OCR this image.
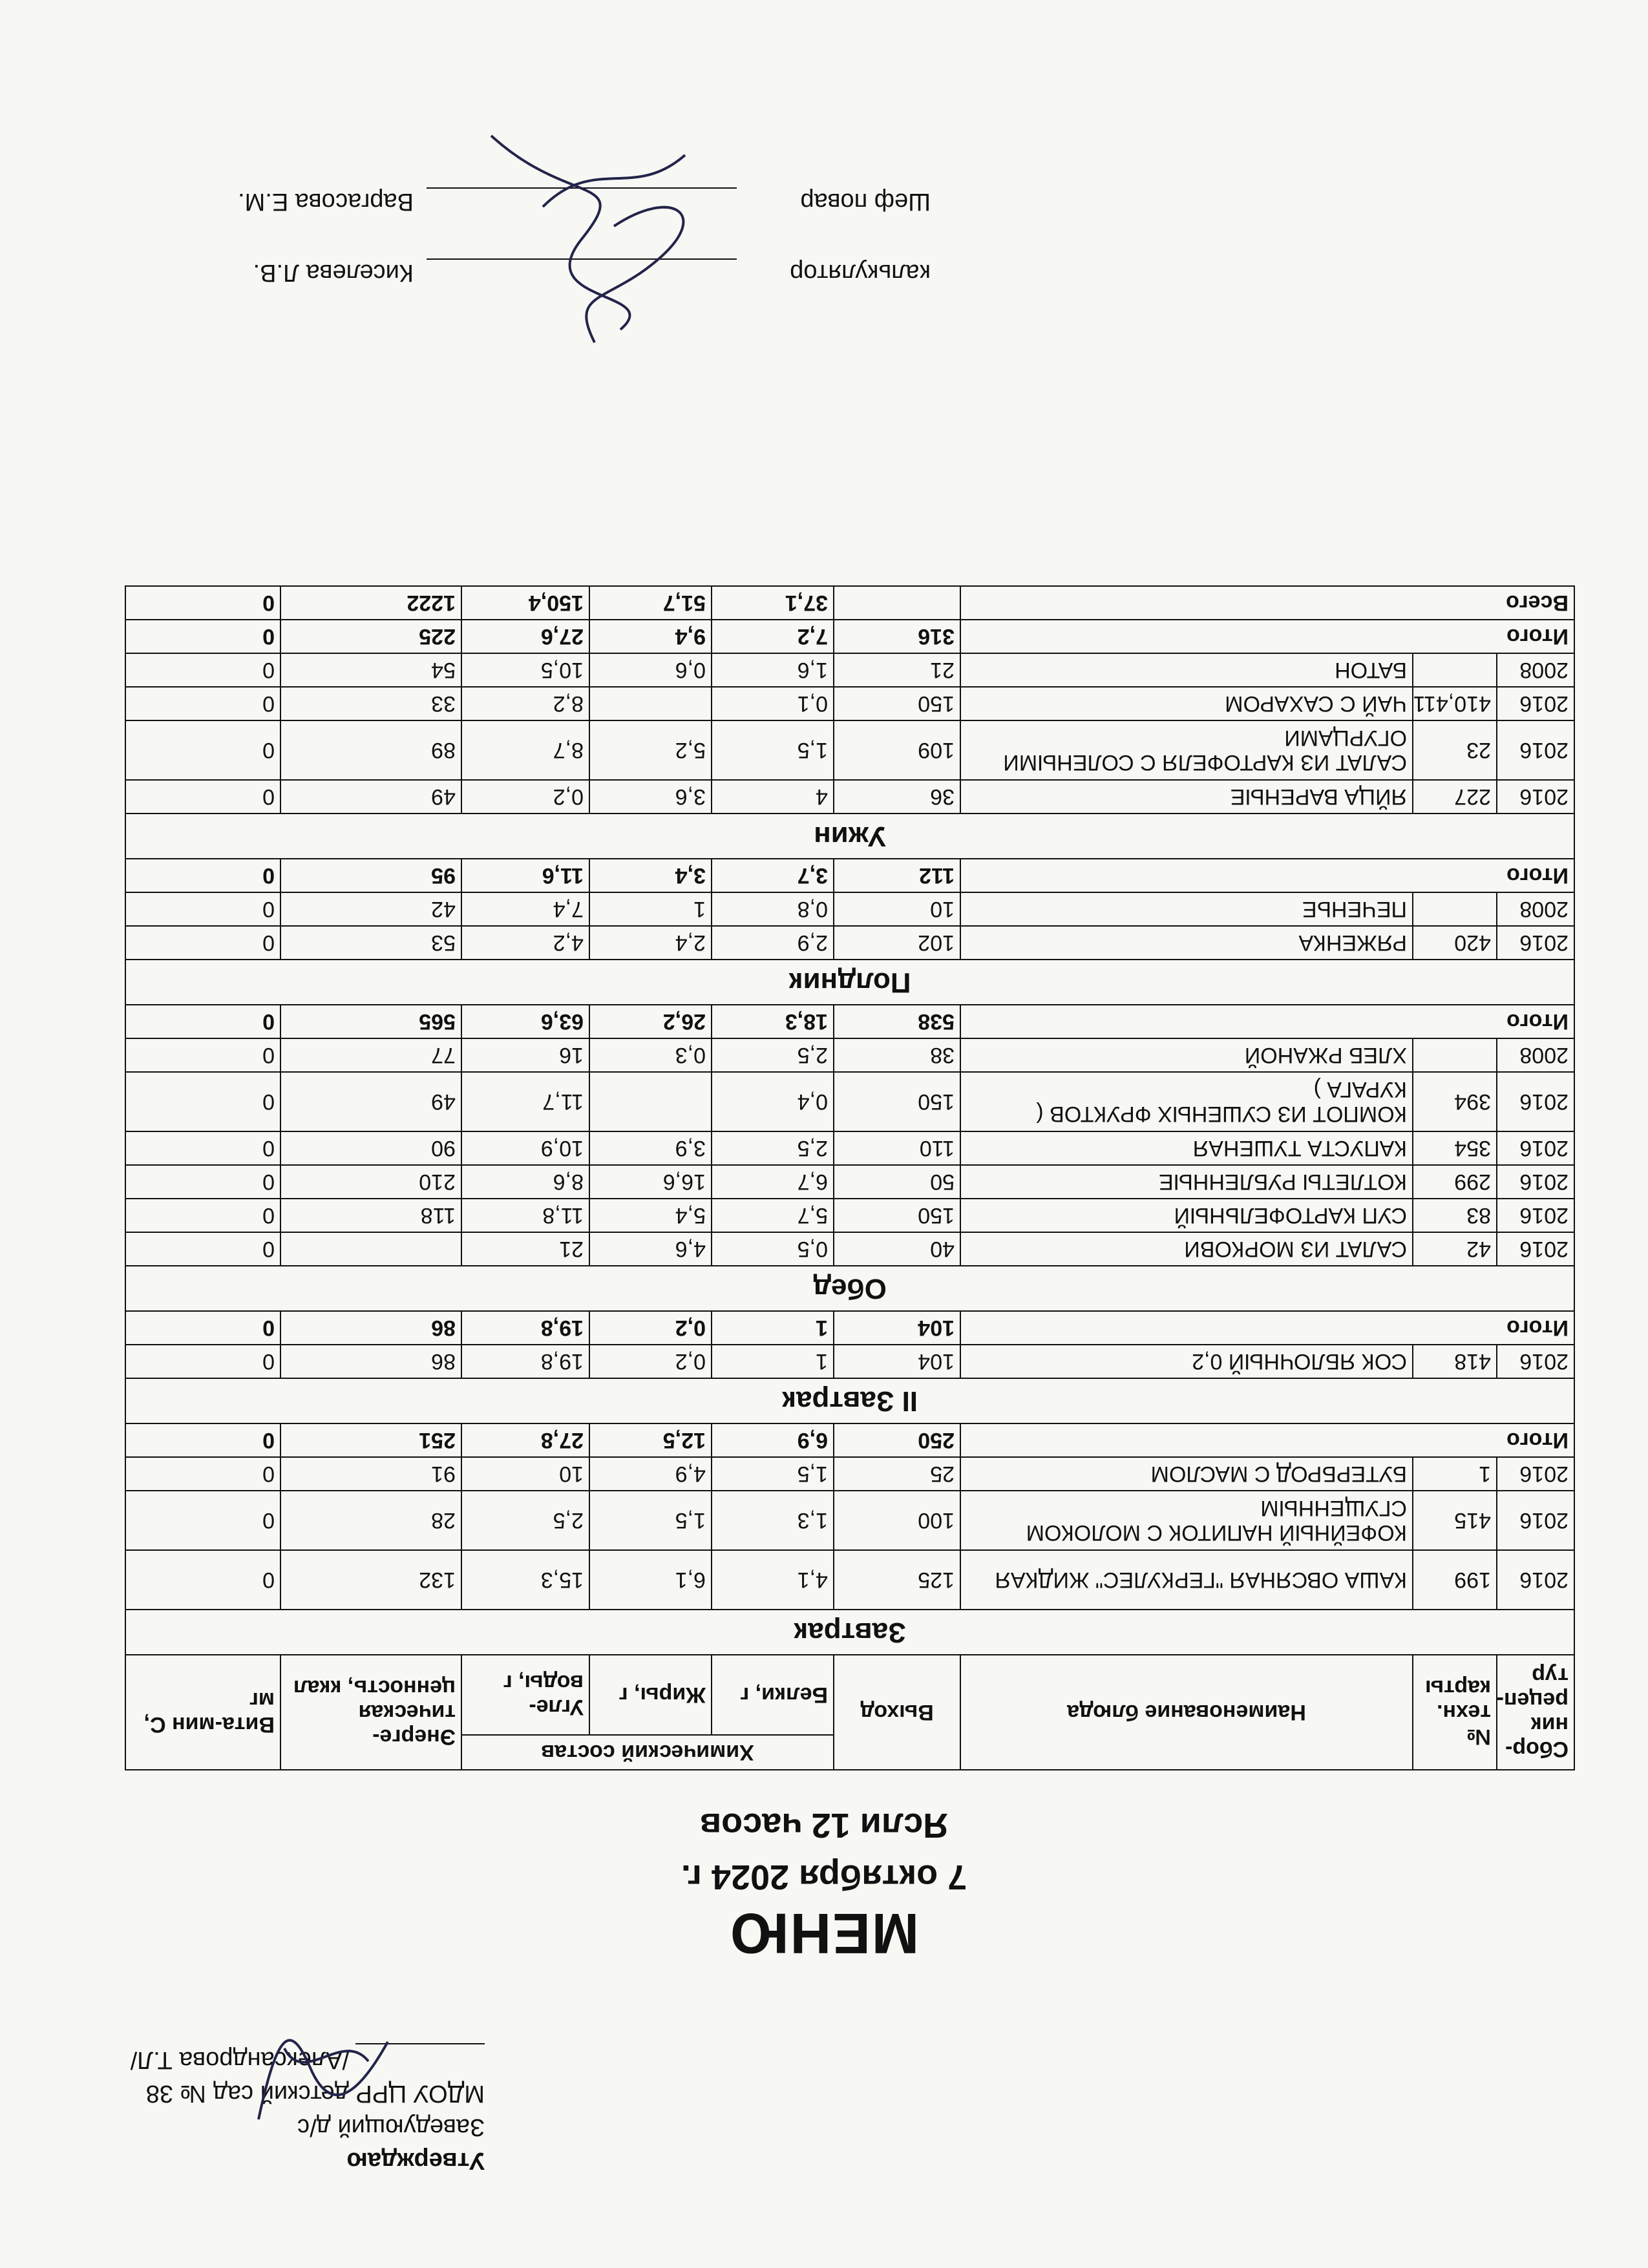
Утверждаю
Заведующий д/с
МДОУ ЦРР детский сад № 38
/Александрова Т.Л/

МЕНЮ

7 октября 2024 г.

Ясли 12 часов

Сбор-ник рецеп-тур	№ техн. карты	Наименование блюда	Выход	Химический состав			Энерге-тическая ценность, ккал	Вита-мин С, мг
				Белки, г	Жиры, г	Угле-воды, г		
Завтрак								
2016	199	КАША ОВСЯНАЯ "ГЕРКУЛЕС" ЖИДКАЯ	125	4,1	6,1	15,3	132	0
2016	415	КОФЕЙНЫЙ НАПИТОК С МОЛОКОМ СГУЩЕННЫМ	100	1,3	1,5	2,5	28	0
2016	1	БУТЕРБРОД С МАСЛОМ	25	1,5	4,9	10	91	0
Итого			250	6,9	12,5	27,8	251	0
II Завтрак								
2016	418	СОК ЯБЛОЧНЫЙ 0,2	104	1	0,2	19,8	86	0
Итого			104	1	0,2	19,8	86	0
Обед								
2016	42	САЛАТ ИЗ МОРКОВИ	40	0,5	4,6	21		0
2016	83	СУП КАРТОФЕЛЬНЫЙ	150	5,7	5,4	11,8	118	0
2016	299	КОТЛЕТЫ РУБЛЕННЫЕ	50	6,7	16,6	8,6	210	0
2016	354	КАПУСТА ТУШЕНАЯ	110	2,5	3,9	10,9	90	0
2016	394	КОМПОТ ИЗ СУШЕНЫХ ФРУКТОВ ( КУРАГА )	150	0,4		11,7	49	0
2008		ХЛЕБ РЖАНОЙ	38	2,5	0,3	16	77	0
Итого			538	18,3	26,2	63,6	565	0
Полдник								
2016	420	РЯЖЕНКА	102	2,9	2,4	4,2	53	0
2008		ПЕЧЕНЬЕ	10	0,8	1	7,4	42	0
Итого			112	3,7	3,4	11,6	95	0
Ужин								
2016	227	ЯЙЦА ВАРЕНЫЕ	36	4	3,6	0,2	49	0
2016	23	САЛАТ ИЗ КАРТОФЕЛЯ С СОЛЕНЫМИ ОГУРЦАМИ	109	1,5	5,2	8,7	89	0
2016	410,411	ЧАЙ С САХАРОМ	150	0,1		8,2	33	0
2008		БАТОН	21	1,6	0,6	10,5	54	0
Итого			316	7,2	9,4	27,6	225	0
Всего				37,1	51,7	150,4	1222	0
калькулятор
Киселева Л.В.
Шеф повар
Варгасова Е.М.
